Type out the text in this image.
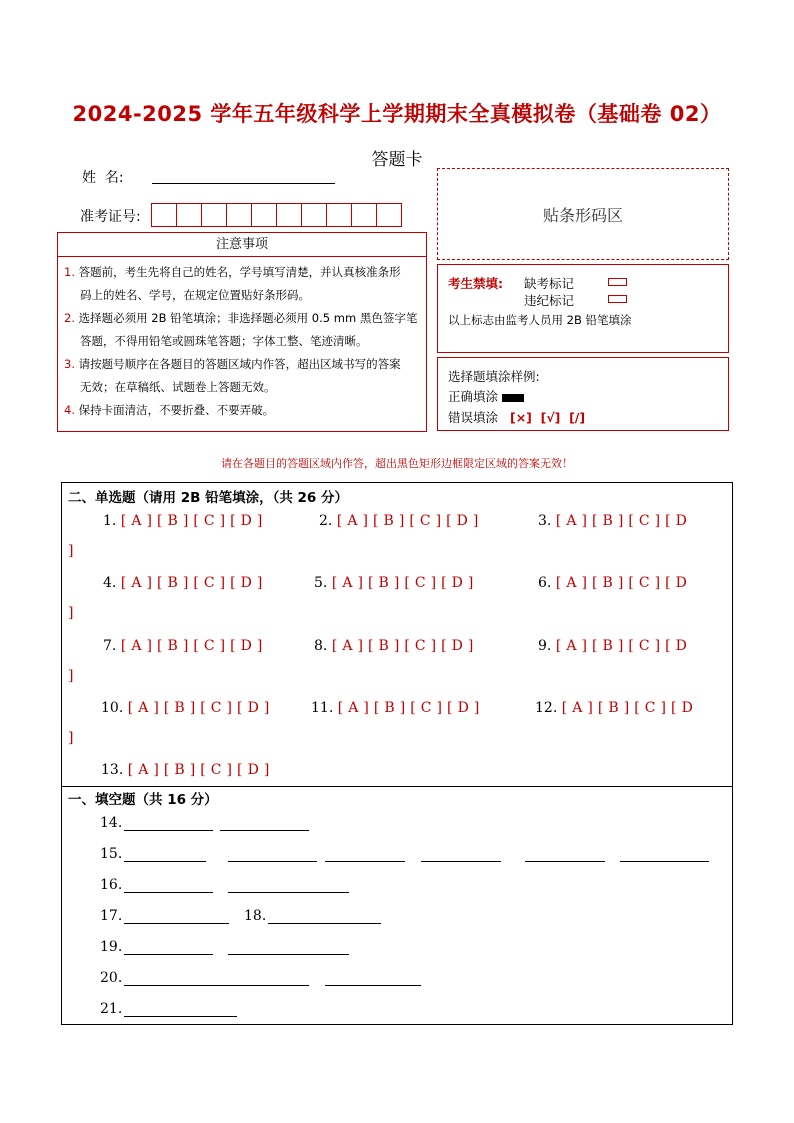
2024-2025 学年五年级科学上学期期末全真模拟卷（基础卷 02）
答题卡
姓  名:
准考证号:	贴条形码区
注意事项
1. 答题前，考生先将自己的姓名，学号填写清楚，并认真核准条形
码上的姓名、学号，在规定位置贴好条形码。
2. 选择题必须用 2B 铅笔填涂；非选择题必须用 0.5 mm 黑色签字笔
答题，不得用铅笔或圆珠笔答题；字体工整、笔迹清晰。
3. 请按题号顺序在各题目的答题区域内作答，超出区域书写的答案
无效；在草稿纸、试题卷上答题无效。
4. 保持卡面清洁，不要折叠、不要弄破。
考生禁填: 缺考标记
违纪标记
以上标志由监考人员用 2B 铅笔填涂
选择题填涂样例:
正确填涂
错误填涂 [×]  [√]  [/]
请在各题目的答题区域内作答，超出黑色矩形边框限定区域的答案无效！
二、单选题（请用 2B 铅笔填涂，（共 26 分）
1. [ A ] [ B ] [ C ] [ D ]	2. [ A ] [ B ] [ C ] [ D ]	3. [ A ] [ B ] [ C ] [ D
]
4. [ A ] [ B ] [ C ] [ D ]	5. [ A ] [ B ] [ C ] [ D ]	6. [ A ] [ B ] [ C ] [ D
]
7. [ A ] [ B ] [ C ] [ D ]	8. [ A ] [ B ] [ C ] [ D ]	9. [ A ] [ B ] [ C ] [ D
]
10. [ A ] [ B ] [ C ] [ D ]	11. [ A ] [ B ] [ C ] [ D ]	12. [ A ] [ B ] [ C ] [ D
]
13. [ A ] [ B ] [ C ] [ D ]
一、填空题（共 16 分）
14.
15.
16.
17.	18.
19.
20.
21.
